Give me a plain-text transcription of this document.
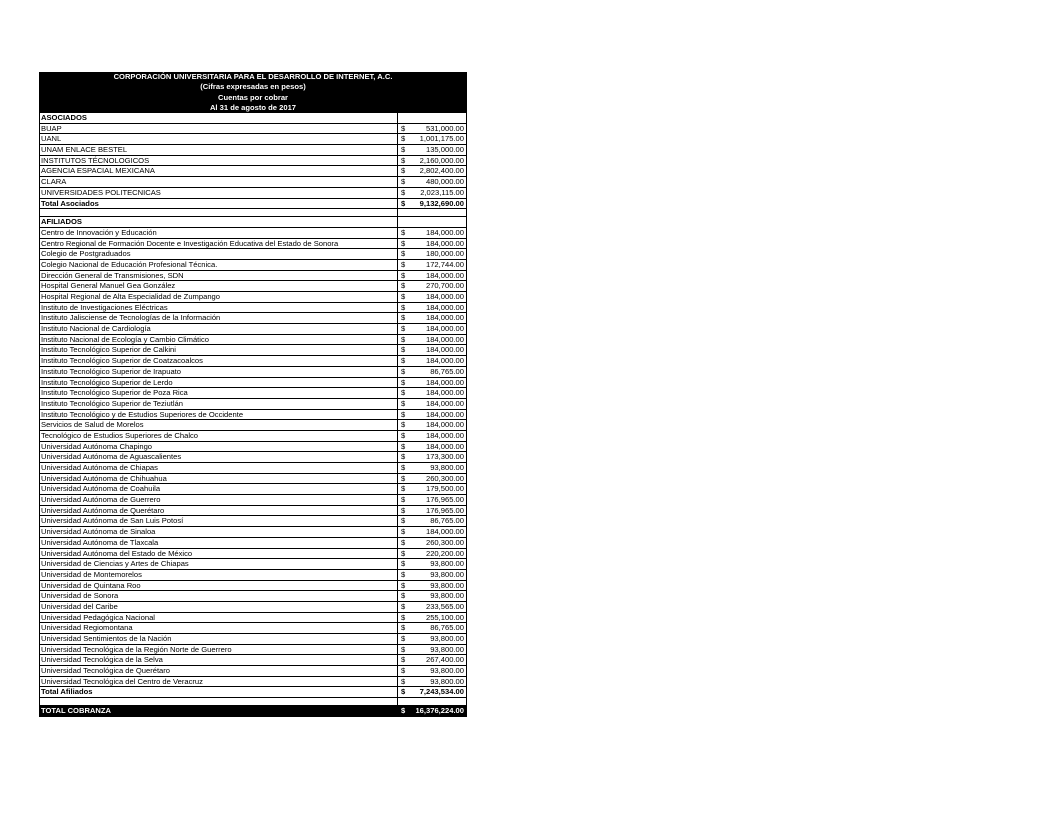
CORPORACIÓN UNIVERSITARIA PARA EL DESARROLLO DE INTERNET, A.C.
(Cifras expresadas en pesos)
Cuentas por cobrar
Al 31 de agosto de 2017
ASOCIADOS
BUAP	$	531,000.00
UANL	$ 1,001,175.00
UNAM ENLACE BESTEL	$	135,000.00
INSTITUTOS TÉCNOLOGICOS	$ 2,160,000.00
AGENCIA ESPACIAL MEXICANA	$ 2,802,400.00
CLARA	$	480,000.00
UNIVERSIDADES POLITECNICAS	$ 2,023,115.00
Total Asociados	$ 9,132,690.00
AFILIADOS
Centro de Innovación y Educación	$	184,000.00
Centro Regional de Formación Docente e Investigación Educativa del Estado de Sonora	$	184,000.00
Colegio de Postgraduados	$	180,000.00
Colegio Nacional de Educación Profesional Técnica.	$	172,744.00
Dirección General de Transmisiones, SDN	$	184,000.00
Hospital General Manuel Gea González	$	270,700.00
Hospital Regional de Alta Especialidad de Zumpango	$	184,000.00
Instituto de Investigaciones Eléctricas	$	184,000.00
Instituto Jalisciense de Tecnologías de la Información	$	184,000.00
Instituto Nacional de Cardiología	$	184,000.00
Instituto Nacional de Ecología y Cambio Climático	$	184,000.00
Instituto Tecnológico Superior de Calkini	$	184,000.00
Instituto Tecnológico Superior de Coatzacoalcos	$	184,000.00
Instituto Tecnológico Superior de Irapuato	$	86,765.00
Instituto Tecnológico Superior de Lerdo	$	184,000.00
Instituto Tecnológico Superior de Poza Rica	$	184,000.00
Instituto Tecnológico Superior de Teziutlán	$	184,000.00
Instituto Tecnológico y de Estudios Superiores de Occidente	$	184,000.00
Servicios de Salud de Morelos	$	184,000.00
Tecnológico de Estudios Superiores de Chalco	$	184,000.00
Universidad Autónoma Chapingo	$	184,000.00
Universidad Autónoma de Aguascalientes	$	173,300.00
Universidad Autónoma de Chiapas	$	93,800.00
Universidad Autónoma de Chihuahua	$	260,300.00
Universidad Autónoma de Coahuila	$	179,500.00
Universidad Autónoma de Guerrero	$	176,965.00
Universidad Autónoma de Querétaro	$	176,965.00
Universidad Autónoma de San Luis Potosí	$	86,765.00
Universidad Autónoma de Sinaloa	$	184,000.00
Universidad Autónoma de Tlaxcala	$	260,300.00
Universidad Autónoma del Estado de México	$	220,200.00
Universidad de Ciencias y Artes de Chiapas	$	93,800.00
Universidad de Montemorelos	$	93,800.00
Universidad de Quintana Roo	$	93,800.00
Universidad de Sonora	$	93,800.00
Universidad del Caribe	$	233,565.00
Universidad Pedagógica Nacional	$	255,100.00
Universidad Regiomontana	$	86,765.00
Universidad Sentimientos de la Nación	$	93,800.00
Universidad Tecnológica de la Región Norte de Guerrero	$	93,800.00
Universidad Tecnológica de la Selva	$	267,400.00
Universidad Tecnológica de Querétaro	$	93,800.00
Universidad Tecnológica del Centro de Veracruz	$	93,800.00
Total Afiliados	$ 7,243,534.00
TOTAL COBRANZA	$ 16,376,224.00
